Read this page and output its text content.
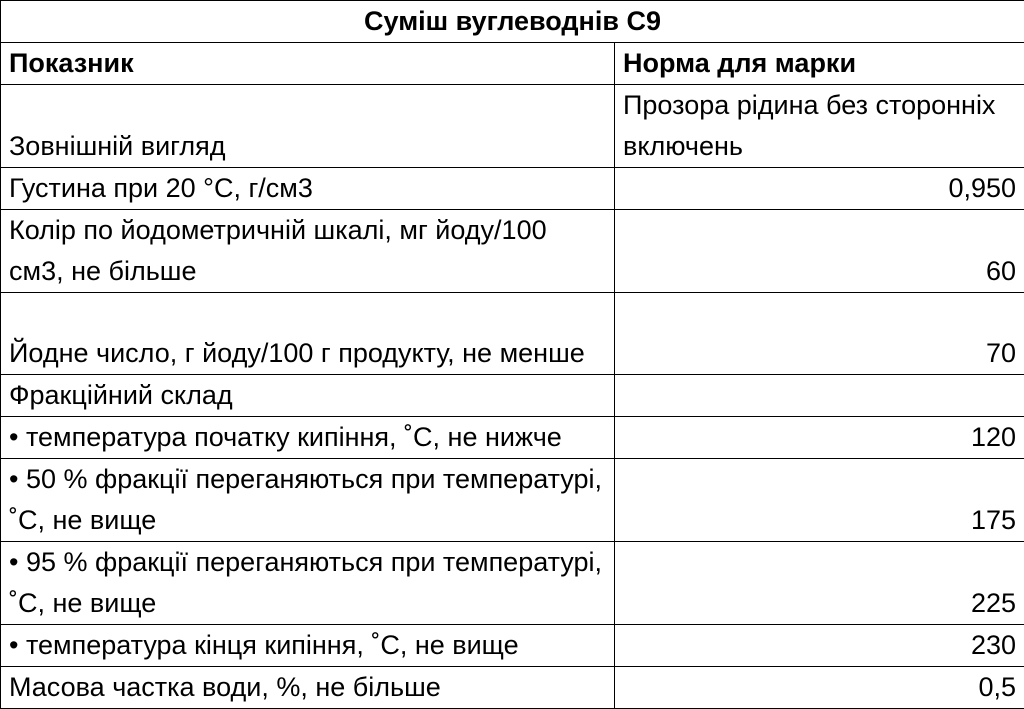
Суміш вуглеводнів С9	
Показник	Норма для марки
Зовнішній вигляд	Прозора рідина без сторонніх включень
Густина при 20 °С, г/см3	0,950
Колір по йодометричній шкалі, мг йоду/100 см3, не більше	60
Йодне число, г йоду/100 г продукту, не менше	70
Фракційний склад	
• температура початку кипіння, ˚С, не нижче	120
• 50 % фракції переганяються при температурі, ˚С, не вище	175
• 95 % фракції переганяються при температурі, ˚С, не вище	225
• температура кінця кипіння, ˚С, не вище	230
Масова частка води, %, не більше	0,5
